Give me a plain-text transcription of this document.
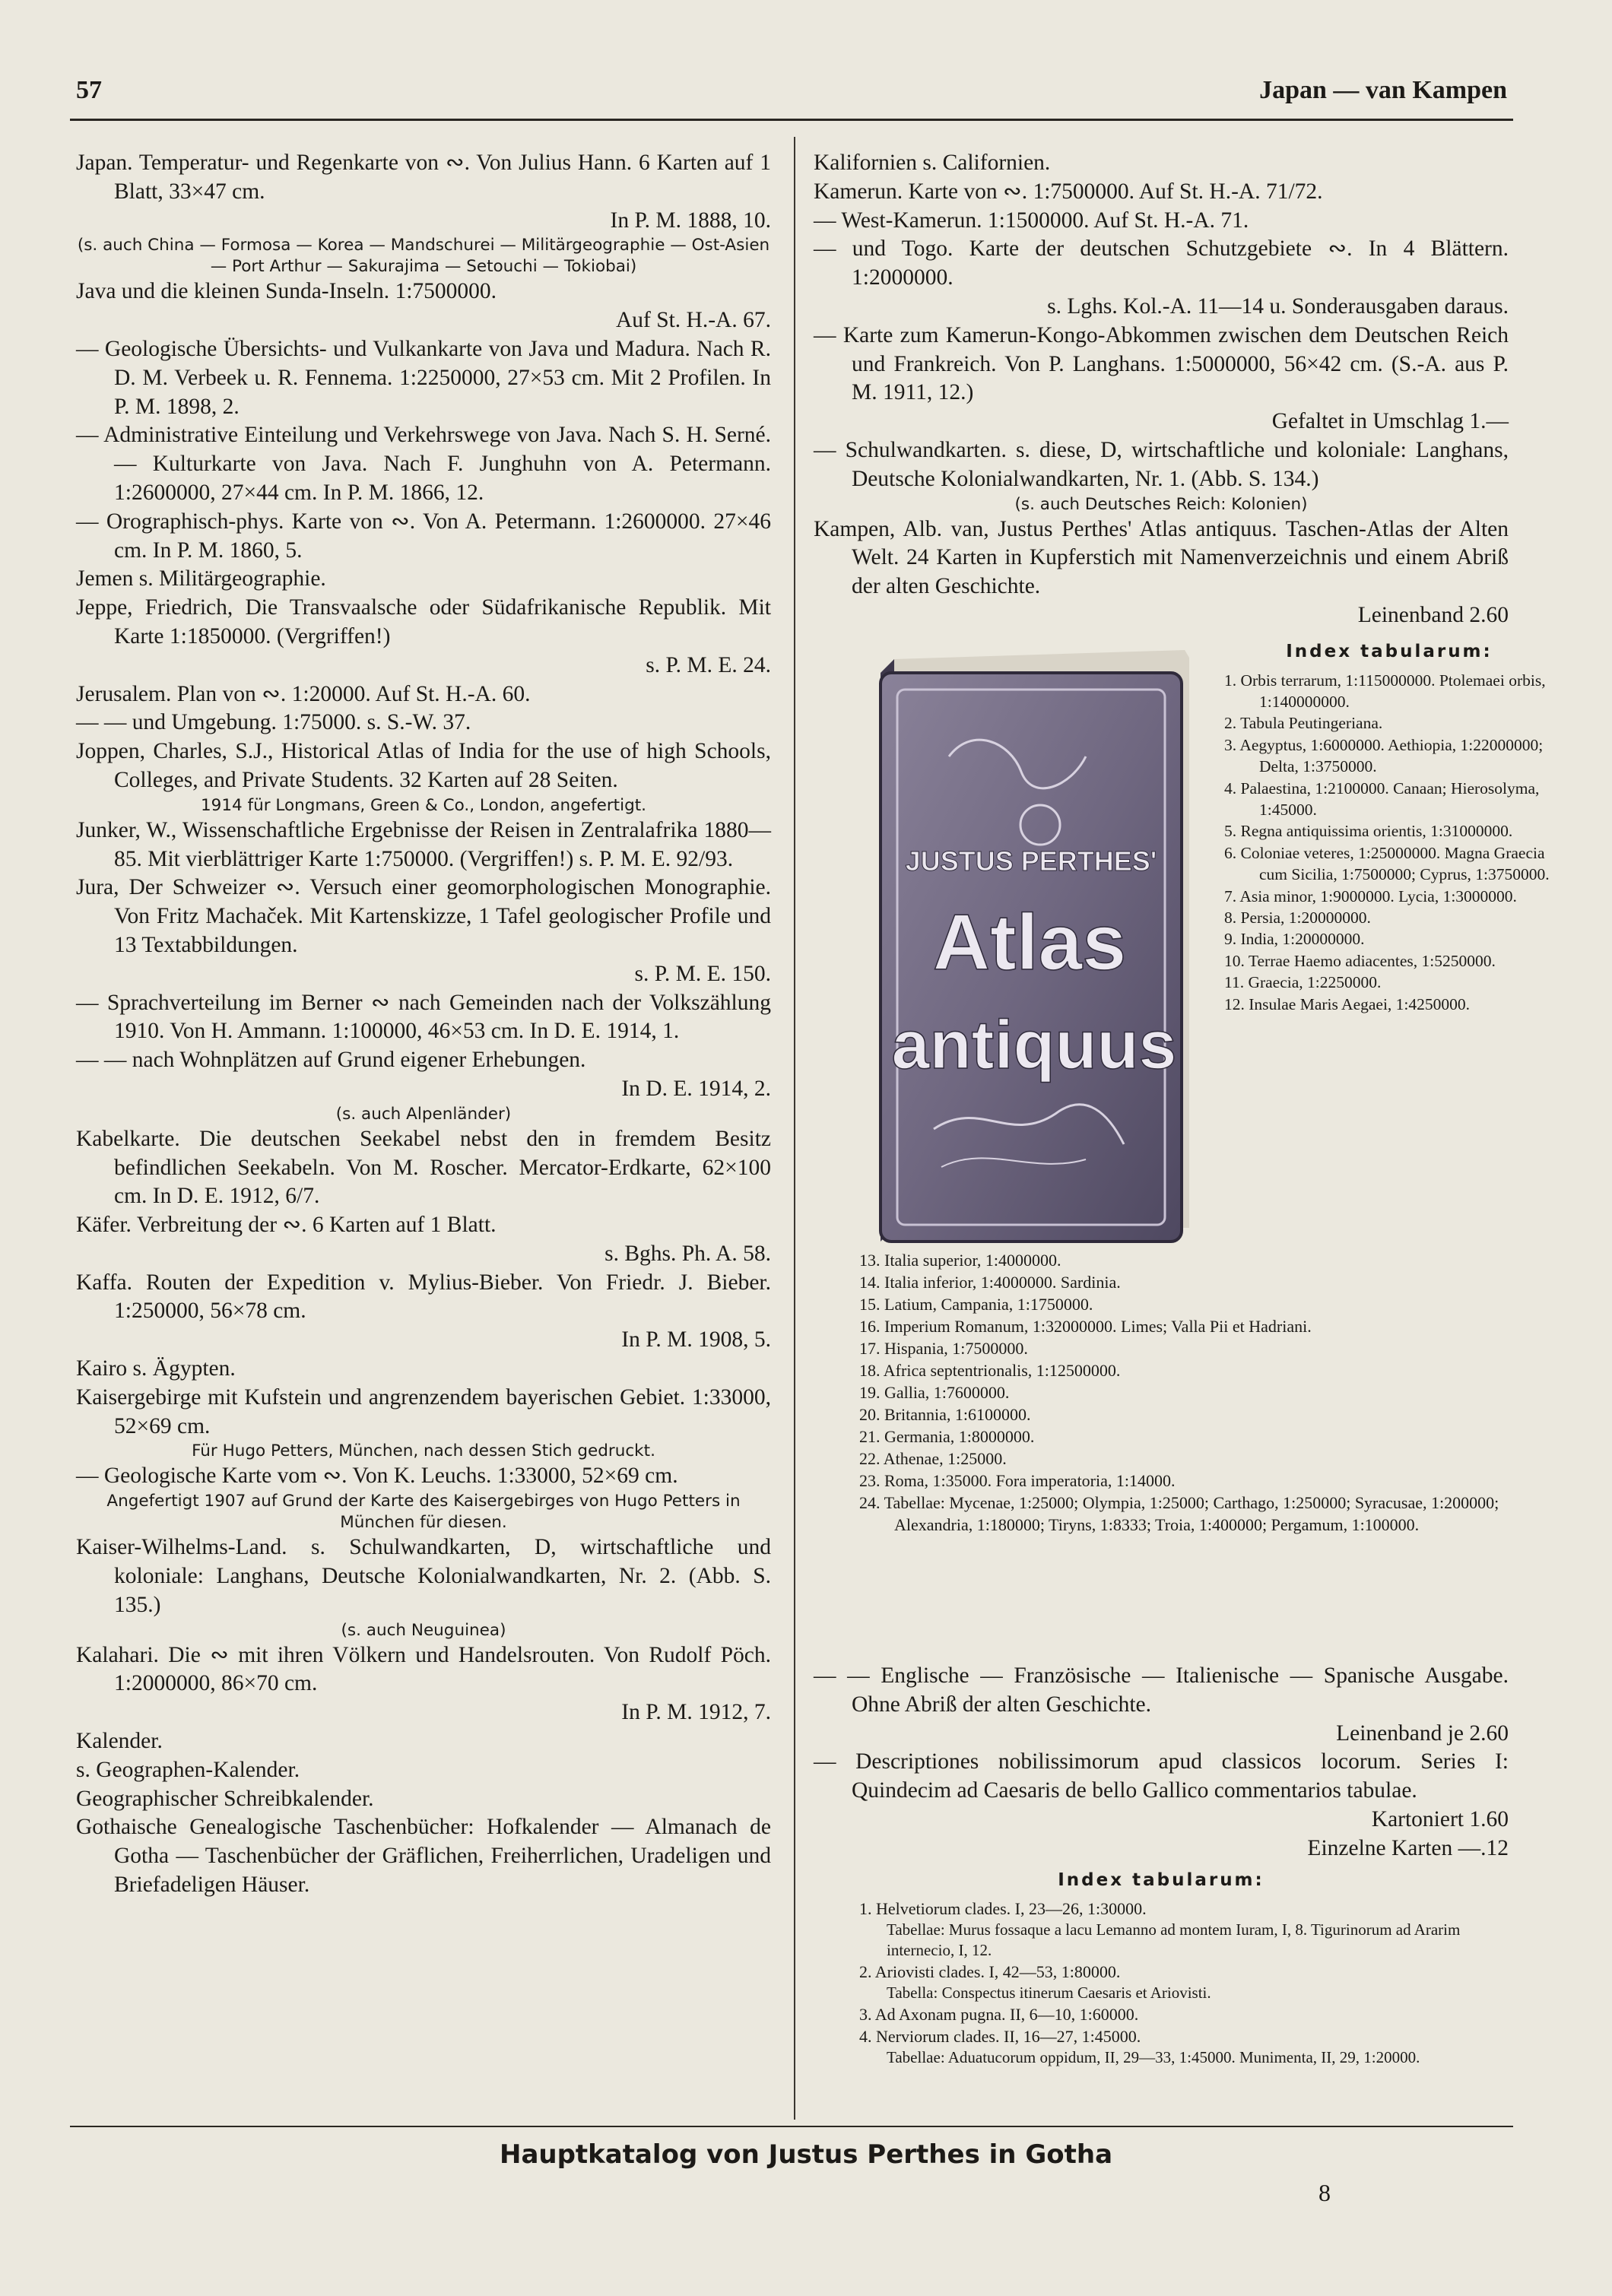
57	Japan — van Kampen

Japan. Temperatur- und Regenkarte von ∾. Von Julius Hann. 6 Karten auf 1 Blatt, 33×47 cm.

In P. M. 1888, 10.

(s. auch China — Formosa — Korea — Mandschurei — Militärgeographie — Ost-Asien — Port Arthur — Sakurajima — Setouchi — Tokiobai)

Java und die kleinen Sunda-Inseln. 1:7500000.

Auf St. H.-A. 67.

— Geologische Übersichts- und Vulkankarte von Java und Madura. Nach R. D. M. Verbeek u. R. Fennema. 1:2250000, 27×53 cm. Mit 2 Profilen. In P. M. 1898, 2.

— Administrative Einteilung und Verkehrswege von Java. Nach S. H. Serné. — Kulturkarte von Java. Nach F. Junghuhn von A. Petermann. 1:2600000, 27×44 cm. In P. M. 1866, 12.

— Orographisch-phys. Karte von ∾. Von A. Petermann. 1:2600000. 27×46 cm. In P. M. 1860, 5.

Jemen s. Militärgeographie.

Jeppe, Friedrich, Die Transvaalsche oder Südafrikanische Republik. Mit Karte 1:1850000. (Vergriffen!)

s. P. M. E. 24.

Jerusalem. Plan von ∾. 1:20000. Auf St. H.-A. 60.

— — und Umgebung. 1:75000. s. S.-W. 37.

Joppen, Charles, S.J., Historical Atlas of India for the use of high Schools, Colleges, and Private Students. 32 Karten auf 28 Seiten.

1914 für Longmans, Green & Co., London, angefertigt.

Junker, W., Wissenschaftliche Ergebnisse der Reisen in Zentralafrika 1880—85. Mit vierblättriger Karte 1:750000. (Vergriffen!) s. P. M. E. 92/93.

Jura, Der Schweizer ∾. Versuch einer geomorphologischen Monographie. Von Fritz Machaček. Mit Kartenskizze, 1 Tafel geologischer Profile und 13 Textabbildungen.

s. P. M. E. 150.

— Sprachverteilung im Berner ∾ nach Gemeinden nach der Volkszählung 1910. Von H. Ammann. 1:100000, 46×53 cm. In D. E. 1914, 1.

— — nach Wohnplätzen auf Grund eigener Erhebungen.

In D. E. 1914, 2.

(s. auch Alpenländer)

Kabelkarte. Die deutschen Seekabel nebst den in fremdem Besitz befindlichen Seekabeln. Von M. Roscher. Mercator-Erdkarte, 62×100 cm. In D. E. 1912, 6/7.

Käfer. Verbreitung der ∾. 6 Karten auf 1 Blatt.

s. Bghs. Ph. A. 58.

Kaffa. Routen der Expedition v. Mylius-Bieber. Von Friedr. J. Bieber. 1:250000, 56×78 cm.

In P. M. 1908, 5.

Kairo s. Ägypten.

Kaisergebirge mit Kufstein und angrenzendem bayerischen Gebiet. 1:33000, 52×69 cm.

Für Hugo Petters, München, nach dessen Stich gedruckt.

— Geologische Karte vom ∾. Von K. Leuchs. 1:33000, 52×69 cm.

Angefertigt 1907 auf Grund der Karte des Kaisergebirges von Hugo Petters in München für diesen.

Kaiser-Wilhelms-Land. s. Schulwandkarten, D, wirtschaftliche und koloniale: Langhans, Deutsche Kolonialwandkarten, Nr. 2. (Abb. S. 135.)

(s. auch Neuguinea)

Kalahari. Die ∾ mit ihren Völkern und Handelsrouten. Von Rudolf Pöch. 1:2000000, 86×70 cm.

In P. M. 1912, 7.

Kalender.

s. Geographen-Kalender.

Geographischer Schreibkalender.

Gothaische Genealogische Taschenbücher: Hofkalender — Almanach de Gotha — Taschenbücher der Gräflichen, Freiherrlichen, Uradeligen und Briefadeligen Häuser.

Kalifornien s. Californien.

Kamerun. Karte von ∾. 1:7500000. Auf St. H.-A. 71/72.

— West-Kamerun. 1:1500000. Auf St. H.-A. 71.

— und Togo. Karte der deutschen Schutzgebiete ∾. In 4 Blättern. 1:2000000.

s. Lghs. Kol.-A. 11—14 u. Sonderausgaben daraus.

— Karte zum Kamerun-Kongo-Abkommen zwischen dem Deutschen Reich und Frankreich. Von P. Langhans. 1:5000000, 56×42 cm. (S.-A. aus P. M. 1911, 12.)

Gefaltet in Umschlag 1.—

— Schulwandkarten. s. diese, D, wirtschaftliche und koloniale: Langhans, Deutsche Kolonialwandkarten, Nr. 1. (Abb. S. 134.)

(s. auch Deutsches Reich: Kolonien)

Kampen, Alb. van, Justus Perthes' Atlas antiquus. Taschen-Atlas der Alten Welt. 24 Karten in Kupferstich mit Namenverzeichnis und einem Abriß der alten Geschichte.

Leinenband 2.60

JUSTUS PERTHES'
Atlas
antiquus
Index tabularum:
1. Orbis terrarum, 1:115000000. Ptolemaei orbis, 1:140000000.
2. Tabula Peutingeriana.
3. Aegyptus, 1:6000000. Aethiopia, 1:22000000; Delta, 1:3750000.
4. Palaestina, 1:2100000. Canaan; Hierosolyma, 1:45000.
5. Regna antiquissima orientis, 1:31000000.
6. Coloniae veteres, 1:25000000. Magna Graecia cum Sicilia, 1:7500000; Cyprus, 1:3750000.
7. Asia minor, 1:9000000. Lycia, 1:3000000.
8. Persia, 1:20000000.
9. India, 1:20000000.
10. Terrae Haemo adiacentes, 1:5250000.
11. Graecia, 1:2250000.
12. Insulae Maris Aegaei, 1:4250000.
13. Italia superior, 1:4000000.
14. Italia inferior, 1:4000000. Sardinia.
15. Latium, Campania, 1:1750000.
16. Imperium Romanum, 1:32000000. Limes; Valla Pii et Hadriani.
17. Hispania, 1:7500000.
18. Africa septentrionalis, 1:12500000.
19. Gallia, 1:7600000.
20. Britannia, 1:6100000.
21. Germania, 1:8000000.
22. Athenae, 1:25000.
23. Roma, 1:35000. Fora imperatoria, 1:14000.
24. Tabellae: Mycenae, 1:25000; Olympia, 1:25000; Carthago, 1:250000; Syracusae, 1:200000; Alexandria, 1:180000; Tiryns, 1:8333; Troia, 1:400000; Pergamum, 1:100000.

— — Englische — Französische — Italienische — Spanische Ausgabe. Ohne Abriß der alten Geschichte.

Leinenband je 2.60

— Descriptiones nobilissimorum apud classicos locorum. Series I: Quindecim ad Caesaris de bello Gallico commentarios tabulae.

Kartoniert 1.60

Einzelne Karten —.12

Index tabularum:

1. Helvetiorum clades. I, 23—26, 1:30000.

Tabellae: Murus fossaque a lacu Lemanno ad montem Iuram, I, 8. Tigurinorum ad Ararim internecio, I, 12.

2. Ariovisti clades. I, 42—53, 1:80000.

Tabella: Conspectus itinerum Caesaris et Ariovisti.

3. Ad Axonam pugna. II, 6—10, 1:60000.

4. Nerviorum clades. II, 16—27, 1:45000.

Tabellae: Aduatucorum oppidum, II, 29—33, 1:45000. Munimenta, II, 29, 1:20000.

Hauptkatalog von Justus Perthes in Gotha
8
